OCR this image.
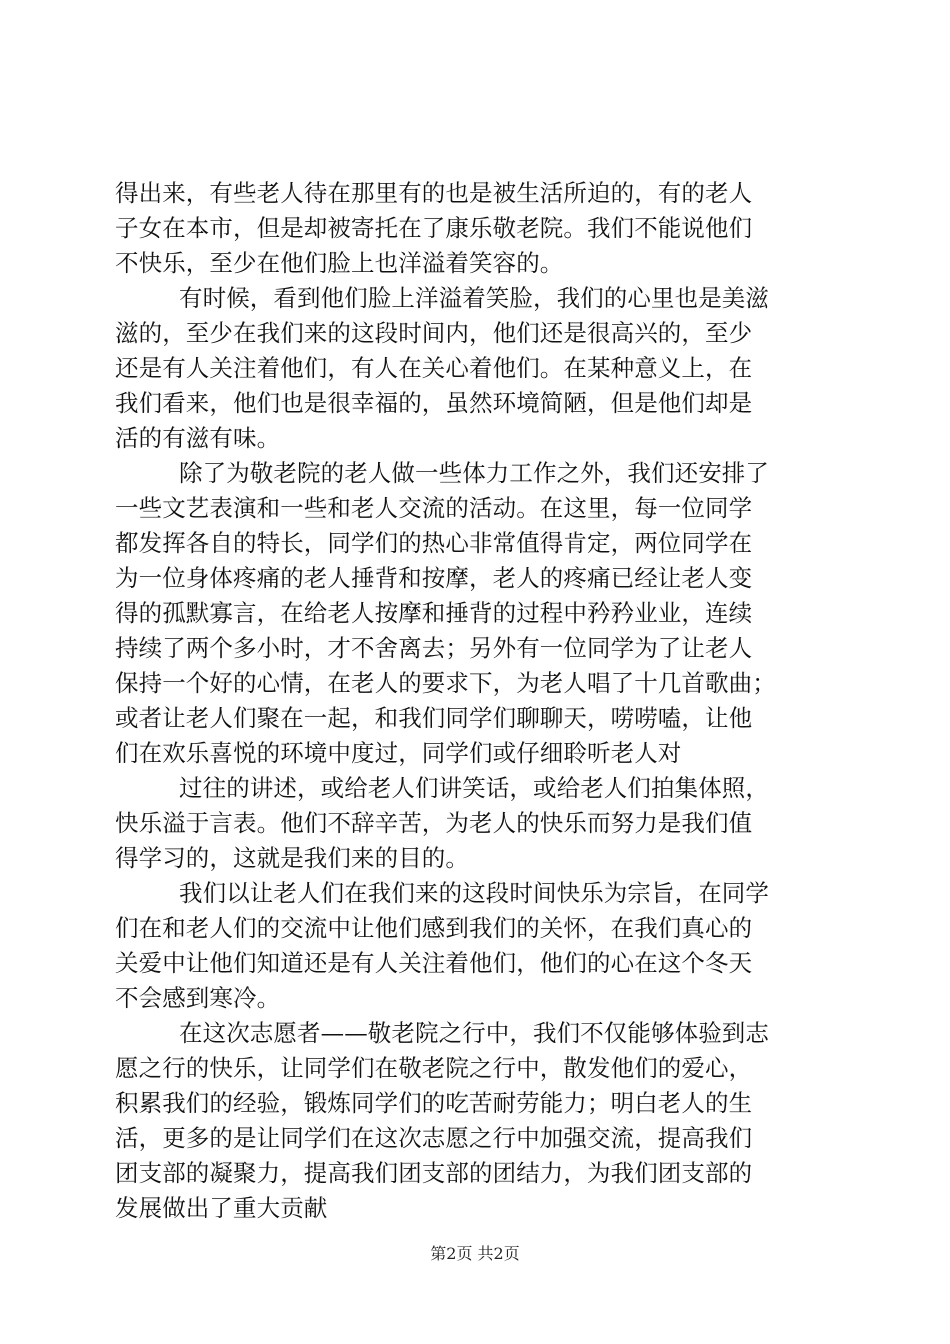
得出来，有些老人待在那里有的也是被生活所迫的，有的老人
子女在本市，但是却被寄托在了康乐敬老院。我们不能说他们
不快乐，至少在他们脸上也洋溢着笑容的。
有时候，看到他们脸上洋溢着笑脸，我们的心里也是美滋
滋的，至少在我们来的这段时间内，他们还是很高兴的，至少
还是有人关注着他们，有人在关心着他们。在某种意义上，在
我们看来，他们也是很幸福的，虽然环境简陋，但是他们却是
活的有滋有味。
除了为敬老院的老人做一些体力工作之外，我们还安排了
一些文艺表演和一些和老人交流的活动。在这里，每一位同学
都发挥各自的特长，同学们的热心非常值得肯定，两位同学在
为一位身体疼痛的老人捶背和按摩，老人的疼痛已经让老人变
得的孤默寡言，在给老人按摩和捶背的过程中矜矜业业，连续
持续了两个多小时，才不舍离去；另外有一位同学为了让老人
保持一个好的心情，在老人的要求下，为老人唱了十几首歌曲；
或者让老人们聚在一起，和我们同学们聊聊天，唠唠嗑，让他
们在欢乐喜悦的环境中度过，同学们或仔细聆听老人对
过往的讲述，或给老人们讲笑话，或给老人们拍集体照，
快乐溢于言表。他们不辞辛苦，为老人的快乐而努力是我们值
得学习的，这就是我们来的目的。
我们以让老人们在我们来的这段时间快乐为宗旨，在同学
们在和老人们的交流中让他们感到我们的关怀，在我们真心的
关爱中让他们知道还是有人关注着他们，他们的心在这个冬天
不会感到寒冷。
在这次志愿者——敬老院之行中，我们不仅能够体验到志
愿之行的快乐，让同学们在敬老院之行中，散发他们的爱心，
积累我们的经验，锻炼同学们的吃苦耐劳能力；明白老人的生
活，更多的是让同学们在这次志愿之行中加强交流，提高我们
团支部的凝聚力，提高我们团支部的团结力，为我们团支部的
发展做出了重大贡献
第2页 共2页
